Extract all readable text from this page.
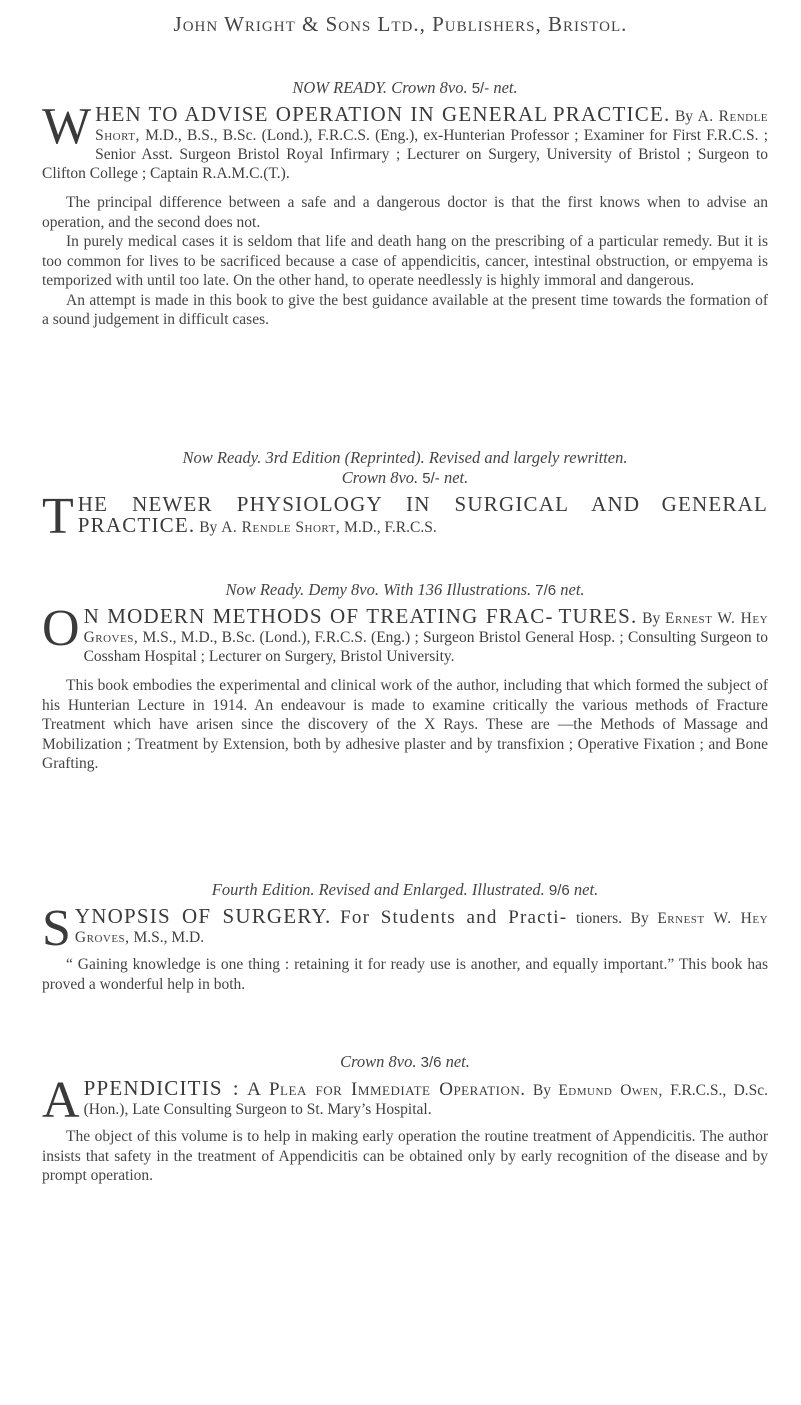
John Wright & Sons Ltd., Publishers, Bristol.
NOW READY. Crown 8vo. 5/- net.
W HEN TO ADVISE OPERATION IN GENERAL PRACTICE. By A. Rendle Short, M.D., B.S., B.Sc. (Lond.), F.R.C.S. (Eng.), ex-Hunterian Professor ; Examiner for First F.R.C.S. ; Senior Asst. Surgeon Bristol Royal Infirmary ; Lecturer on Surgery, University of Bristol ; Surgeon to Clifton College ; Captain R.A.M.C.(T.).

The principal difference between a safe and a dangerous doctor is that the first knows when to advise an operation, and the second does not.

In purely medical cases it is seldom that life and death hang on the prescribing of a particular remedy. But it is too common for lives to be sacrificed because a case of appendicitis, cancer, intestinal obstruction, or empyema is temporized with until too late. On the other hand, to operate needlessly is highly immoral and dangerous.

An attempt is made in this book to give the best guidance available at the present time towards the formation of a sound judgement in difficult cases.

Now Ready. 3rd Edition (Reprinted). Revised and largely rewritten.
Crown 8vo. 5/- net.
T HE NEWER PHYSIOLOGY IN SURGICAL AND GENERAL PRACTICE. By A. Rendle Short, M.D., F.R.C.S.
Now Ready. Demy 8vo. With 136 Illustrations. 7/6 net.
O N MODERN METHODS OF TREATING FRAC- TURES. By Ernest W. Hey Groves, M.S., M.D., B.Sc. (Lond.), F.R.C.S. (Eng.) ; Surgeon Bristol General Hosp. ; Consulting Surgeon to Cossham Hospital ; Lecturer on Surgery, Bristol University.

This book embodies the experimental and clinical work of the author, including that which formed the subject of his Hunterian Lecture in 1914. An endeavour is made to examine critically the various methods of Fracture Treatment which have arisen since the discovery of the X Rays. These are —the Methods of Massage and Mobilization ; Treatment by Extension, both by adhesive plaster and by transfixion ; Operative Fixation ; and Bone Grafting.

Fourth Edition. Revised and Enlarged. Illustrated. 9/6 net.
S YNOPSIS OF SURGERY. For Students and Practi- tioners. By Ernest W. Hey Groves, M.S., M.D.

“ Gaining knowledge is one thing : retaining it for ready use is another, and equally important.” This book has proved a wonderful help in both.

Crown 8vo. 3/6 net.
A PPENDICITIS : A Plea for Immediate Operation. By Edmund Owen, F.R.C.S., D.Sc. (Hon.), Late Consulting Surgeon to St. Mary’s Hospital.

The object of this volume is to help in making early operation the routine treatment of Appendicitis. The author insists that safety in the treatment of Appendicitis can be obtained only by early recognition of the disease and by prompt operation.
